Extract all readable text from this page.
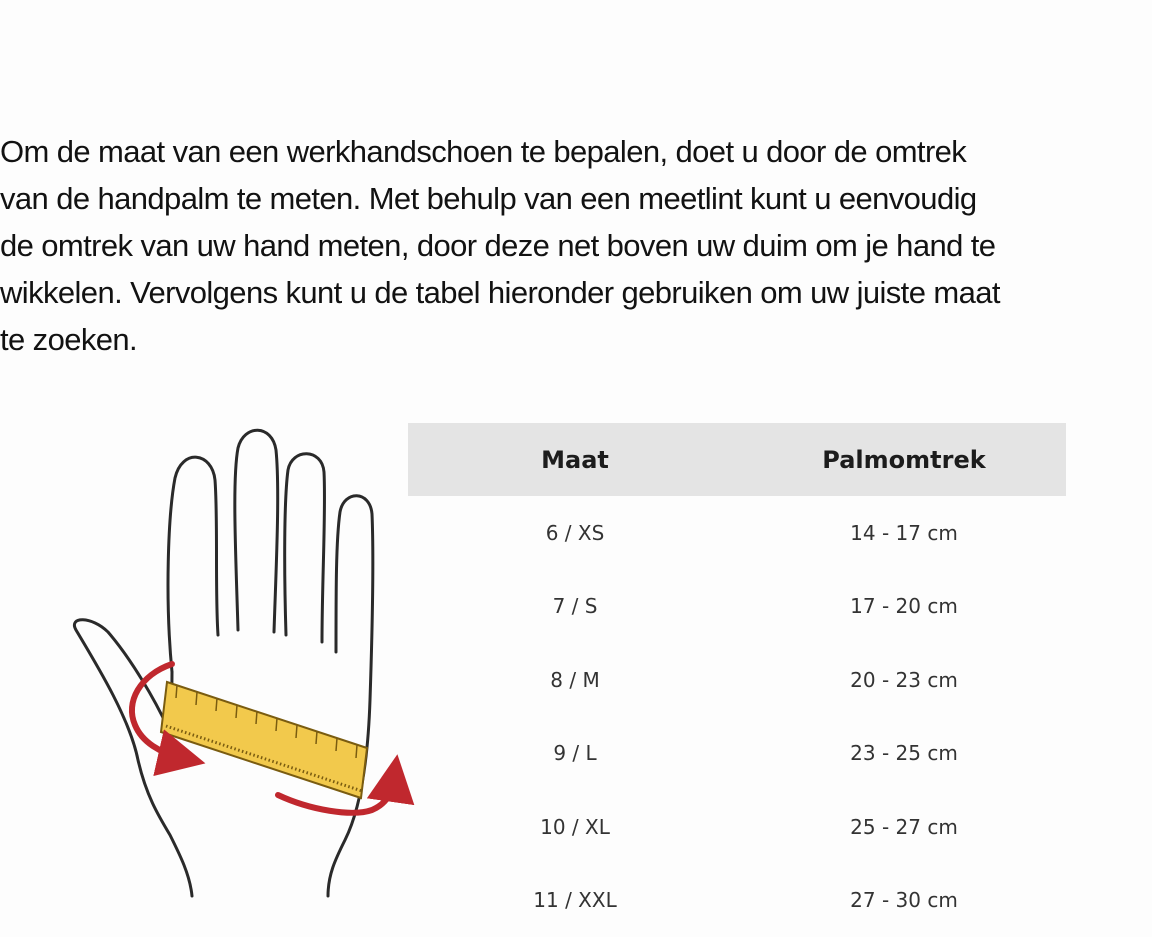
Om de maat van een werkhandschoen te bepalen, doet u door de omtrek
van de handpalm te meten. Met behulp van een meetlint kunt u eenvoudig
de omtrek van uw hand meten, door deze net boven uw duim om je hand te
wikkelen. Vervolgens kunt u de tabel hieronder gebruiken om uw juiste maat
te zoeken.

Maat	Palmomtrek
6 / XS	14 - 17 cm
7 / S	17 - 20 cm
8 / M	20 - 23 cm
9 / L	23 - 25 cm
10 / XL	25 - 27 cm
11 / XXL	27 - 30 cm
